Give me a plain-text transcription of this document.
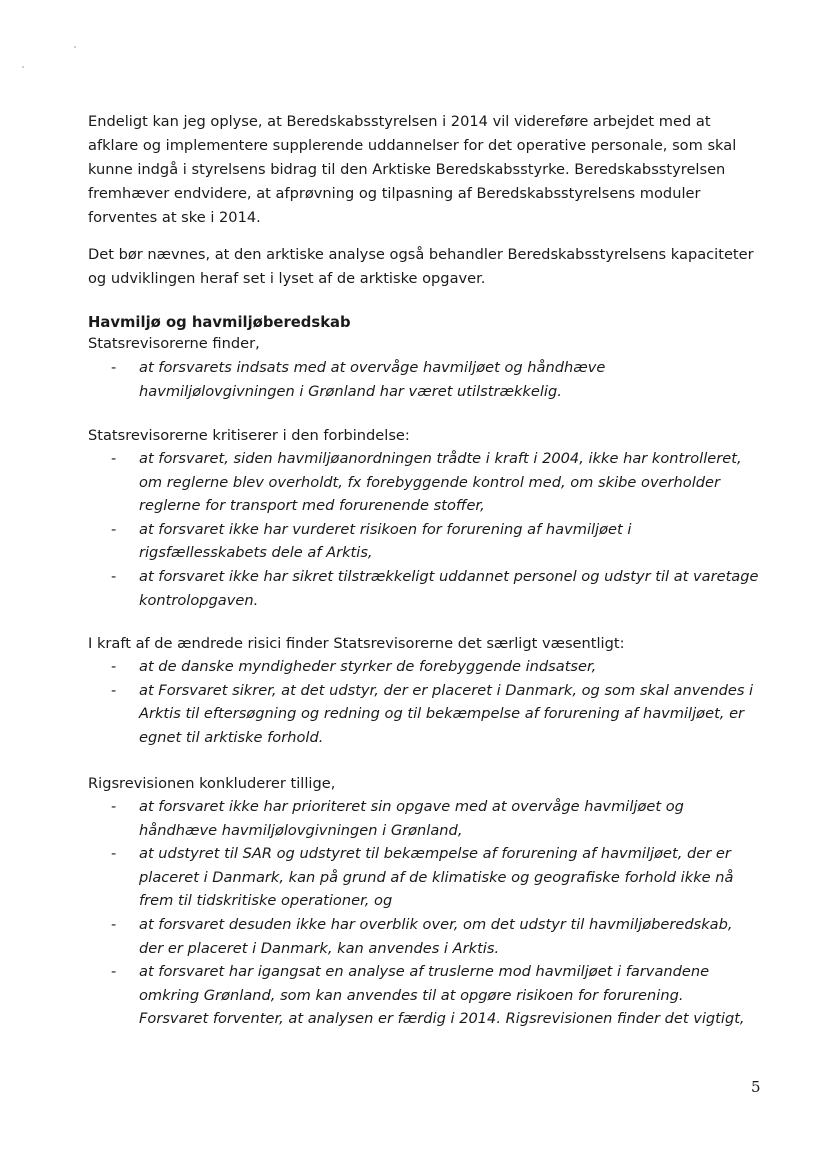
Endeligt kan jeg oplyse, at Beredskabsstyrelsen i 2014 vil videreføre arbejdet med at
afklare og implementere supplerende uddannelser for det operative personale, som skal
kunne indgå i styrelsens bidrag til den Arktiske Beredskabsstyrke. Beredskabsstyrelsen
fremhæver endvidere, at afprøvning og tilpasning af Beredskabsstyrelsens moduler
forventes at ske i 2014.
Det bør nævnes, at den arktiske analyse også behandler Beredskabsstyrelsens kapaciteter
og udviklingen heraf set i lyset af de arktiske opgaver.
Havmiljø og havmiljøberedskab
Statsrevisorerne finder,
- at forsvarets indsats med at overvåge havmiljøet og håndhæve
havmiljølovgivningen i Grønland har været utilstrækkelig.
Statsrevisorerne kritiserer i den forbindelse:
- at forsvaret, siden havmiljøanordningen trådte i kraft i 2004, ikke har kontrolleret,
om reglerne blev overholdt, fx forebyggende kontrol med, om skibe overholder
reglerne for transport med forurenende stoffer,
- at forsvaret ikke har vurderet risikoen for forurening af havmiljøet i
rigsfællesskabets dele af Arktis,
- at forsvaret ikke har sikret tilstrækkeligt uddannet personel og udstyr til at varetage
kontrolopgaven.
I kraft af de ændrede risici finder Statsrevisorerne det særligt væsentligt:
- at de danske myndigheder styrker de forebyggende indsatser,
- at Forsvaret sikrer, at det udstyr, der er placeret i Danmark, og som skal anvendes i
Arktis til eftersøgning og redning og til bekæmpelse af forurening af havmiljøet, er
egnet til arktiske forhold.
Rigsrevisionen konkluderer tillige,
- at forsvaret ikke har prioriteret sin opgave med at overvåge havmiljøet og
håndhæve havmiljølovgivningen i Grønland,
- at udstyret til SAR og udstyret til bekæmpelse af forurening af havmiljøet, der er
placeret i Danmark, kan på grund af de klimatiske og geografiske forhold ikke nå
frem til tidskritiske operationer, og
- at forsvaret desuden ikke har overblik over, om det udstyr til havmiljøberedskab,
der er placeret i Danmark, kan anvendes i Arktis.
- at forsvaret har igangsat en analyse af truslerne mod havmiljøet i farvandene
omkring Grønland, som kan anvendes til at opgøre risikoen for forurening.
Forsvaret forventer, at analysen er færdig i 2014. Rigsrevisionen finder det vigtigt,
5
